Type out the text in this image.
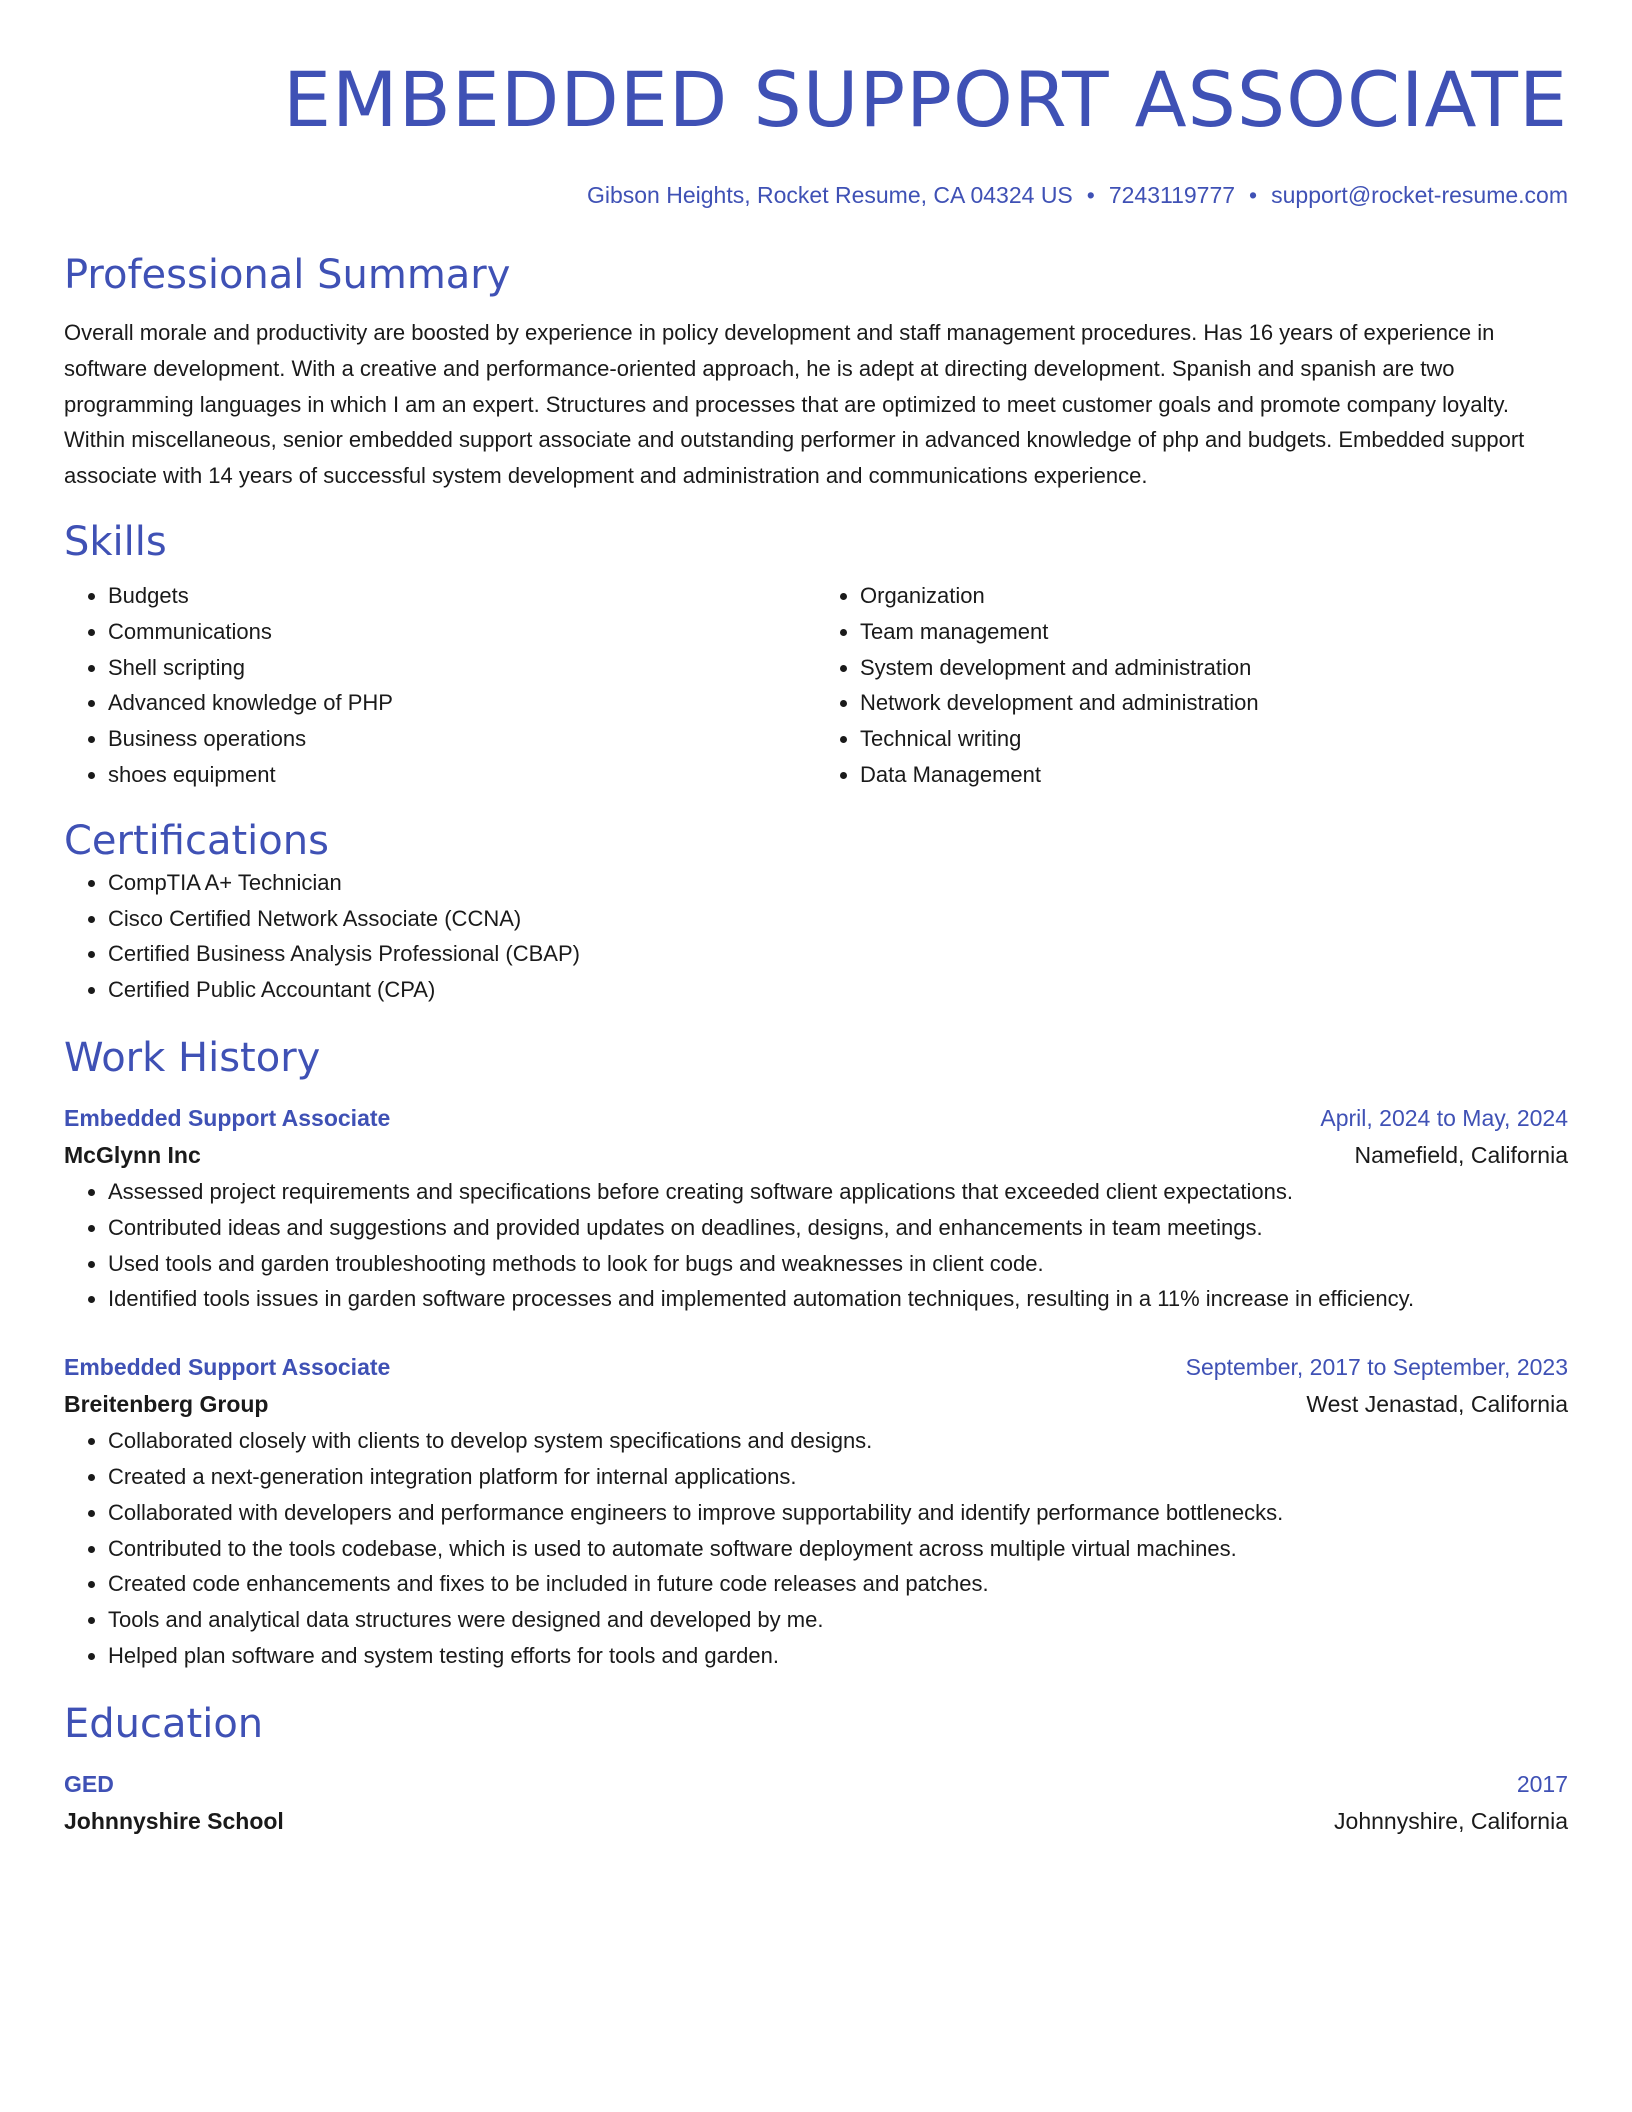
EMBEDDED SUPPORT ASSOCIATE
Gibson Heights, Rocket Resume, CA 04324 US • 7243119777 • support@rocket-resume.com
Professional Summary

Overall morale and productivity are boosted by experience in policy development and staff management procedures. Has 16 years of experience in software development. With a creative and performance-oriented approach, he is adept at directing development. Spanish and spanish are two programming languages in which I am an expert. Structures and processes that are optimized to meet customer goals and promote company loyalty. Within miscellaneous, senior embedded support associate and outstanding performer in advanced knowledge of php and budgets. Embedded support associate with 14 years of successful system development and administration and communications experience.

Skills
• Budgets
• Communications
• Shell scripting
• Advanced knowledge of PHP
• Business operations
• shoes equipment
• Organization
• Team management
• System development and administration
• Network development and administration
• Technical writing
• Data Management
Certifications
• CompTIA A+ Technician
• Cisco Certified Network Associate (CCNA)
• Certified Business Analysis Professional (CBAP)
• Certified Public Accountant (CPA)
Work History
Embedded Support Associate	April, 2024 to May, 2024
McGlynn Inc	Namefield, California
• Assessed project requirements and specifications before creating software applications that exceeded client expectations.
• Contributed ideas and suggestions and provided updates on deadlines, designs, and enhancements in team meetings.
• Used tools and garden troubleshooting methods to look for bugs and weaknesses in client code.
• Identified tools issues in garden software processes and implemented automation techniques, resulting in a 11% increase in efficiency.
Embedded Support Associate	September, 2017 to September, 2023
Breitenberg Group	West Jenastad, California
• Collaborated closely with clients to develop system specifications and designs.
• Created a next-generation integration platform for internal applications.
• Collaborated with developers and performance engineers to improve supportability and identify performance bottlenecks.
• Contributed to the tools codebase, which is used to automate software deployment across multiple virtual machines.
• Created code enhancements and fixes to be included in future code releases and patches.
• Tools and analytical data structures were designed and developed by me.
• Helped plan software and system testing efforts for tools and garden.
Education
GED	2017
Johnnyshire School	Johnnyshire, California
